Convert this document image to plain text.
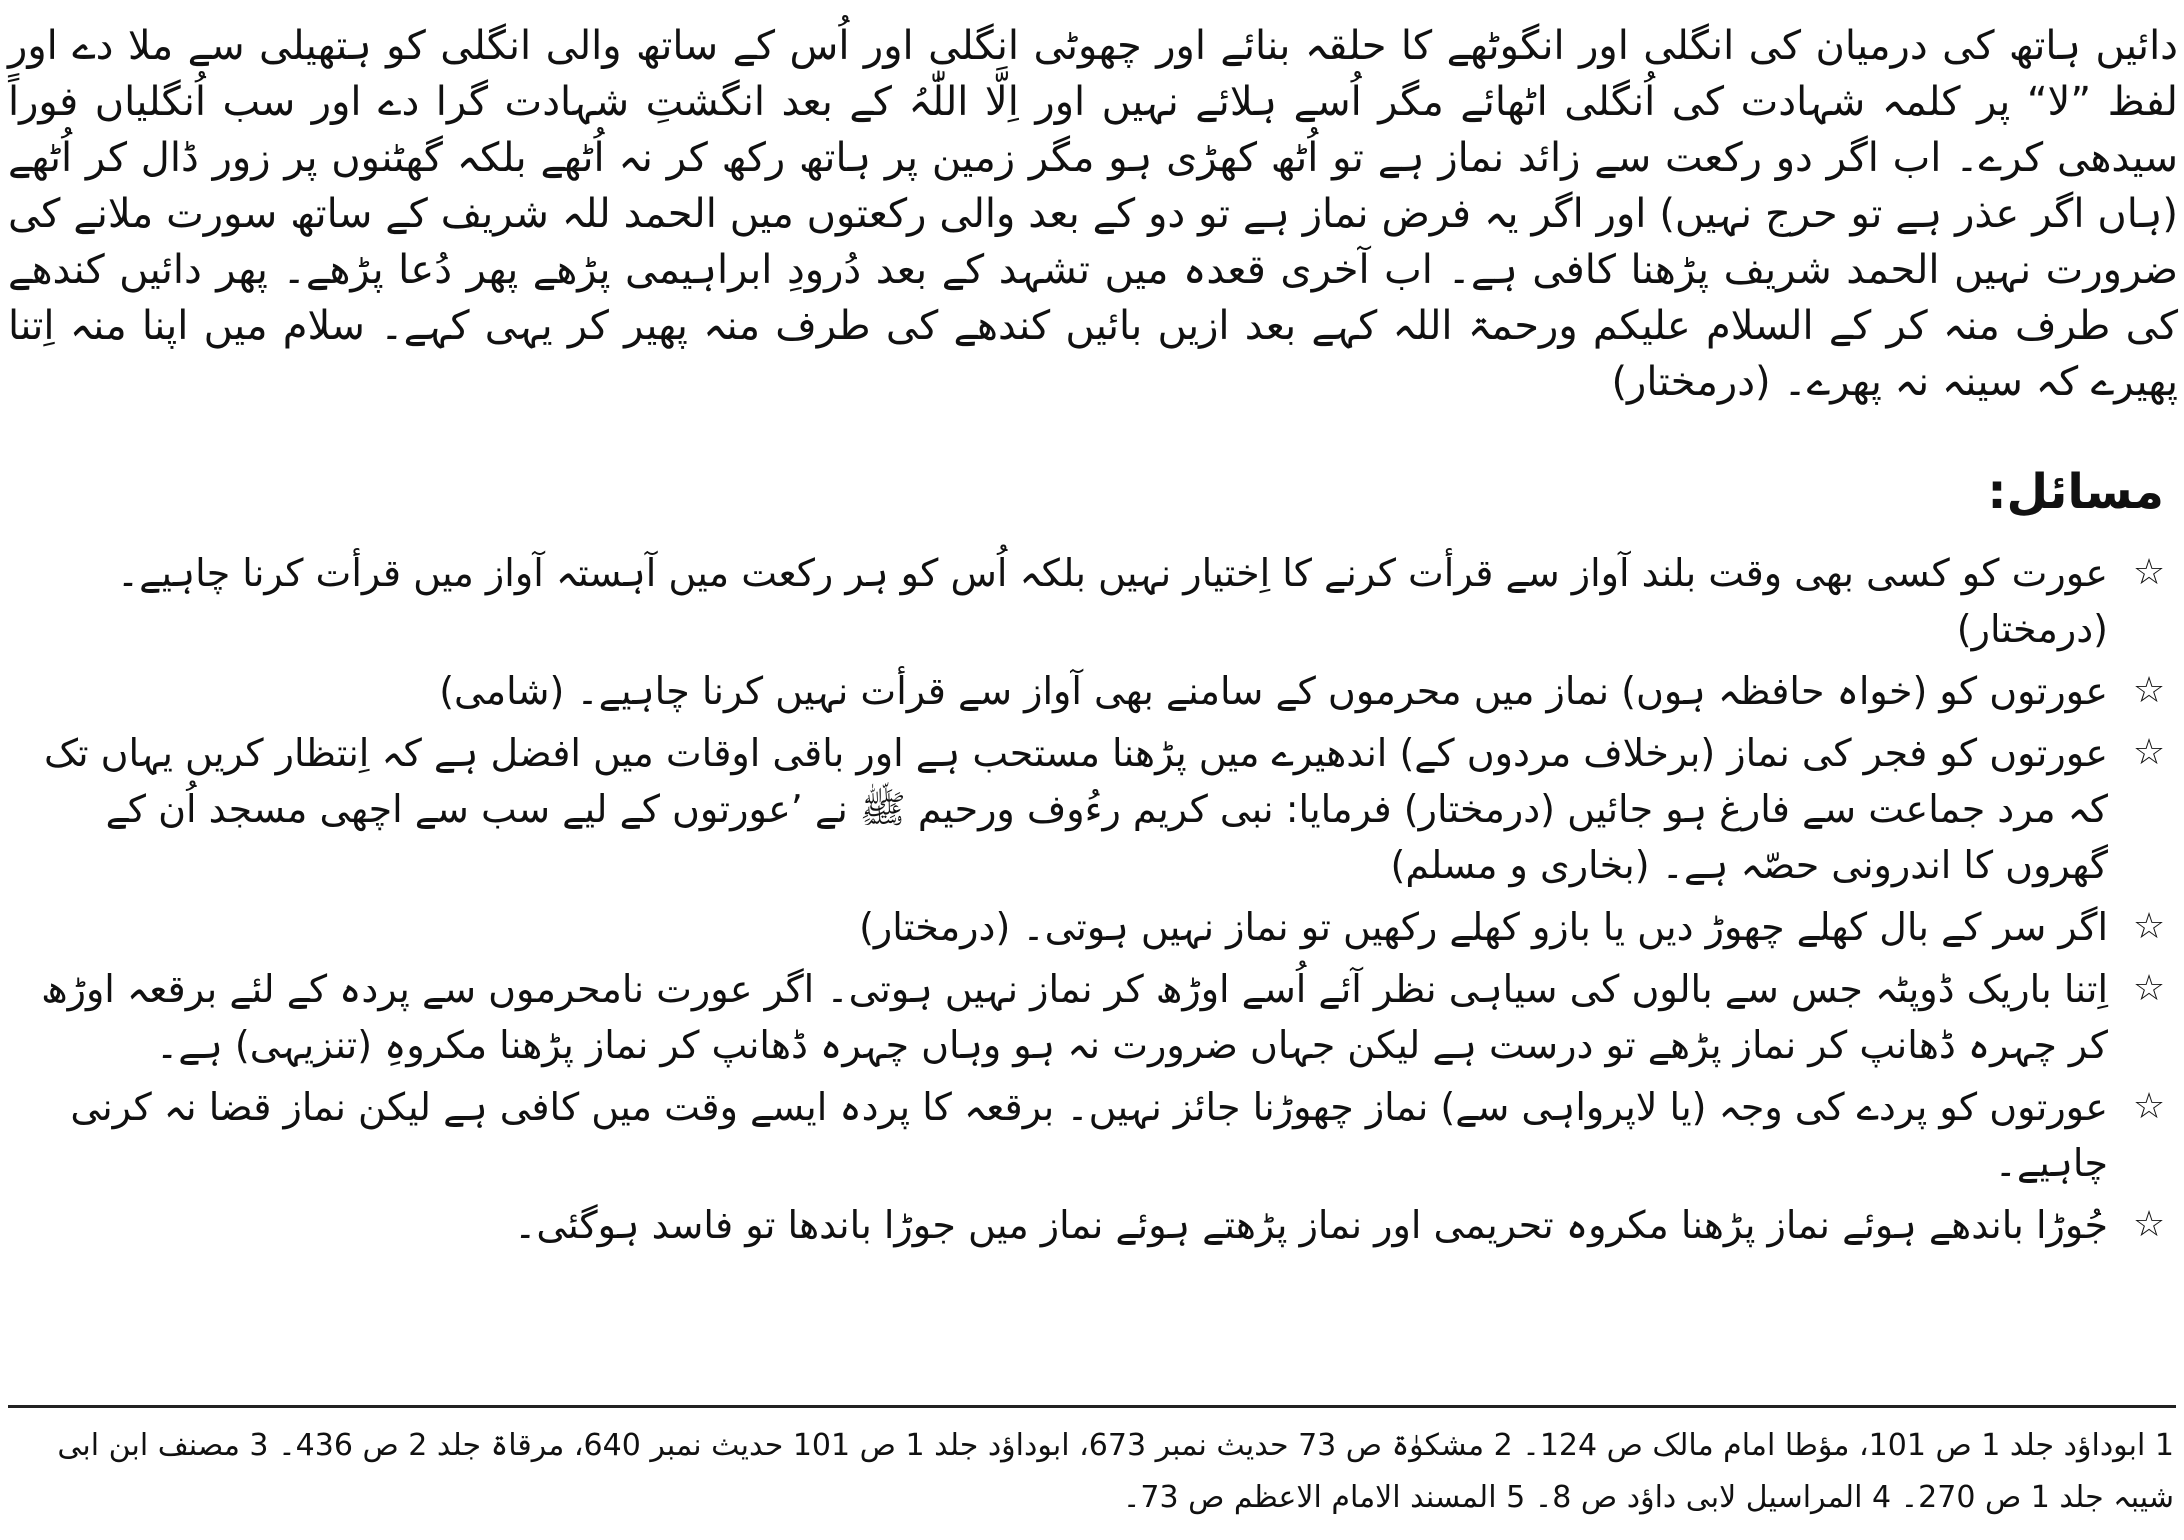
دائیں ہاتھ کی درمیان کی انگلی اور انگوٹھے کا حلقہ بنائے اور چھوٹی انگلی اور اُس کے ساتھ والی انگلی کو ہتھیلی سے ملا دے اور لفظ ”لا“ پر کلمہ شہادت کی اُنگلی اٹھائے مگر اُسے ہلائے نہیں اور اِلَّا اللّٰہُ کے بعد انگشتِ شہادت گرا دے اور سب اُنگلیاں فوراً سیدھی کرے۔ اب اگر دو رکعت سے زائد نماز ہے تو اُٹھ کھڑی ہو مگر زمین پر ہاتھ رکھ کر نہ اُٹھے بلکہ گھٹنوں پر زور ڈال کر اُٹھے (ہاں اگر عذر ہے تو حرج نہیں) اور اگر یہ فرض نماز ہے تو دو کے بعد والی رکعتوں میں الحمد للہ شریف کے ساتھ سورت ملانے کی ضرورت نہیں الحمد شریف پڑھنا کافی ہے۔ اب آخری قعدہ میں تشہد کے بعد دُرودِ ابراہیمی پڑھے پھر دُعا پڑھے۔ پھر دائیں کندھے کی طرف منہ کر کے السلام علیکم ورحمۃ اللہ کہے بعد ازیں بائیں کندھے کی طرف منہ پھیر کر یہی کہے۔ سلام میں اپنا منہ اِتنا پھیرے کہ سینہ نہ پھرے۔ (درمختار)

مسائل:
☆
عورت کو کسی بھی وقت بلند آواز سے قرأت کرنے کا اِختیار نہیں بلکہ اُس کو ہر رکعت میں آہستہ آواز میں قرأت کرنا چاہیے۔ (درمختار)
☆
عورتوں کو (خواہ حافظہ ہوں) نماز میں محرموں کے سامنے بھی آواز سے قرأت نہیں کرنا چاہیے۔ (شامی)
☆
عورتوں کو فجر کی نماز (برخلاف مردوں کے) اندھیرے میں پڑھنا مستحب ہے اور باقی اوقات میں افضل ہے کہ اِنتظار کریں یہاں تک کہ مرد جماعت سے فارغ ہو جائیں (درمختار) فرمایا: نبی کریم رءُوف ورحیم ﷺ نے ’عورتوں کے لیے سب سے اچھی مسجد اُن کے گھروں کا اندرونی حصّہ ہے۔ (بخاری و مسلم)
☆
اگر سر کے بال کھلے چھوڑ دیں یا بازو کھلے رکھیں تو نماز نہیں ہوتی۔ (درمختار)
☆
اِتنا باریک ڈوپٹہ جس سے بالوں کی سیاہی نظر آئے اُسے اوڑھ کر نماز نہیں ہوتی۔ اگر عورت نامحرموں سے پردہ کے لئے برقعہ اوڑھ کر چہرہ ڈھانپ کر نماز پڑھے تو درست ہے لیکن جہاں ضرورت نہ ہو وہاں چہرہ ڈھانپ کر نماز پڑھنا مکروہِ (تنزیہی) ہے۔
☆
عورتوں کو پردے کی وجہ (یا لاپرواہی سے) نماز چھوڑنا جائز نہیں۔ برقعہ کا پردہ ایسے وقت میں کافی ہے لیکن نماز قضا نہ کرنی چاہیے۔
☆
جُوڑا باندھے ہوئے نماز پڑھنا مکروہ تحریمی اور نماز پڑھتے ہوئے نماز میں جوڑا باندھا تو فاسد ہوگئی۔

1 ابوداؤد جلد 1 ص 101، مؤطا امام مالک ص 124۔ 2 مشکوٰۃ ص 73 حدیث نمبر 673، ابوداؤد جلد 1 ص 101 حدیث نمبر 640، مرقاۃ جلد 2 ص 436۔ 3 مصنف ابن ابی شیبہ جلد 1 ص 270۔ 4 المراسیل لابی داؤد ص 8۔ 5 المسند الامام الاعظم ص 73۔
